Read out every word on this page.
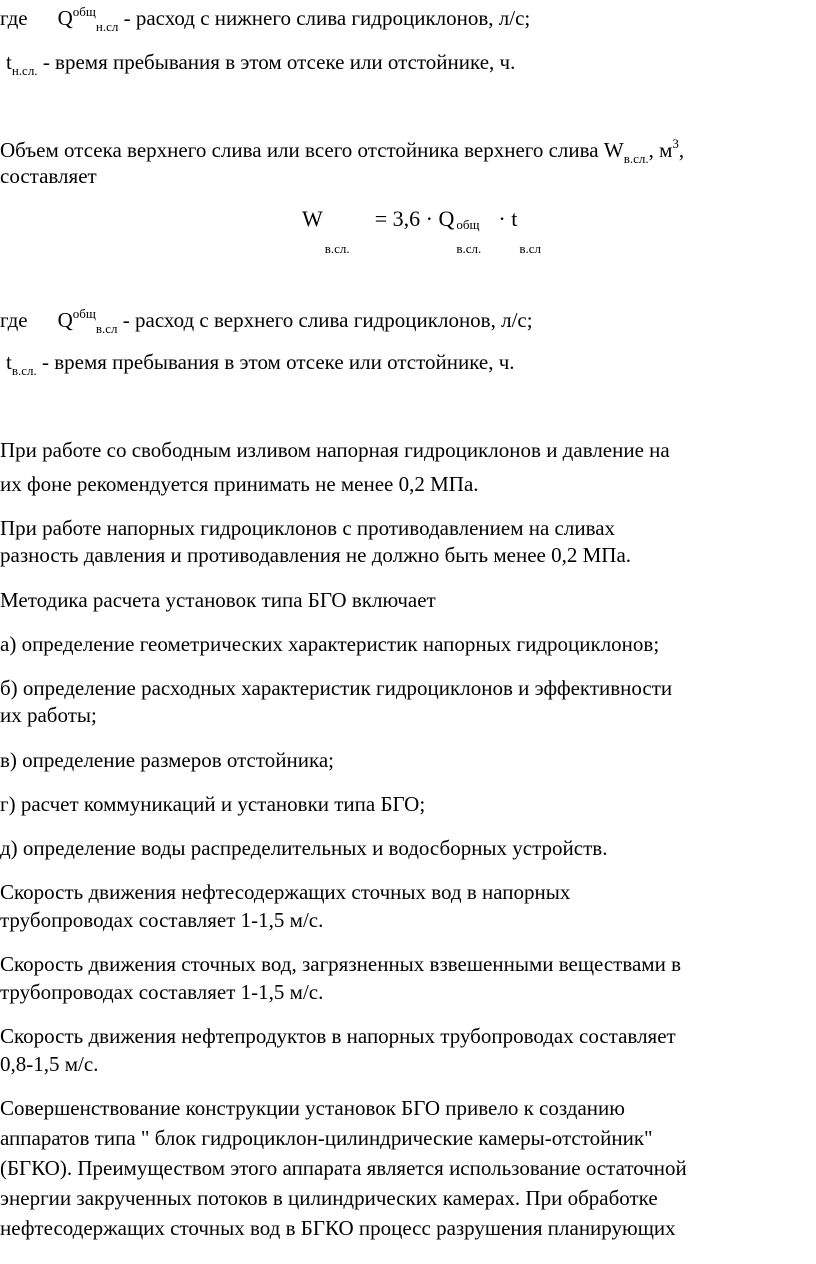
где $Q^{общ}_{н.сл}$ - расход с нижнего слива гидроциклонов, л/с;
$t_{н.сл.}$ - время пребывания в этом отсеке или отстойнике, ч.
Объем отсека верхнего слива или всего отстойника верхнего слива $W_{в.сл.}$, $м^3$,
составляет
W
в.сл.
= 3,6 · Q общ
в.сл.
· t
в.сл
где $Q^{общ}_{в.сл}$ - расход с верхнего слива гидроциклонов, л/с;
$t_{в.сл.}$ - время пребывания в этом отсеке или отстойнике, ч.
При работе со свободным изливом напорная гидроциклонов и давление на
их фоне рекомендуется принимать не менее 0,2 МПа.
При работе напорных гидроциклонов с противодавлением на сливах
разность давления и противодавления не должно быть менее 0,2 МПа.
Методика расчета установок типа БГО включает
а) определение геометрических характеристик напорных гидроциклонов;
б) определение расходных характеристик гидроциклонов и эффективности
их работы;
в) определение размеров отстойника;
г) расчет коммуникаций и установки типа БГО;
д) определение воды распределительных и водосборных устройств.
Скорость движения нефтесодержащих сточных вод в напорных
трубопроводах составляет 1-1,5 м/с.
Скорость движения сточных вод, загрязненных взвешенными веществами в
трубопроводах составляет 1-1,5 м/с.
Скорость движения нефтепродуктов в напорных трубопроводах составляет
0,8-1,5 м/с.
Совершенствование конструкции установок БГО привело к созданию
аппаратов типа " блок гидроциклон-цилиндрические камеры-отстойник"
(БГКО). Преимуществом этого аппарата является использование остаточной
энергии закрученных потоков в цилиндрических камерах. При обработке
нефтесодержащих сточных вод в БГКО процесс разрушения планирующих
